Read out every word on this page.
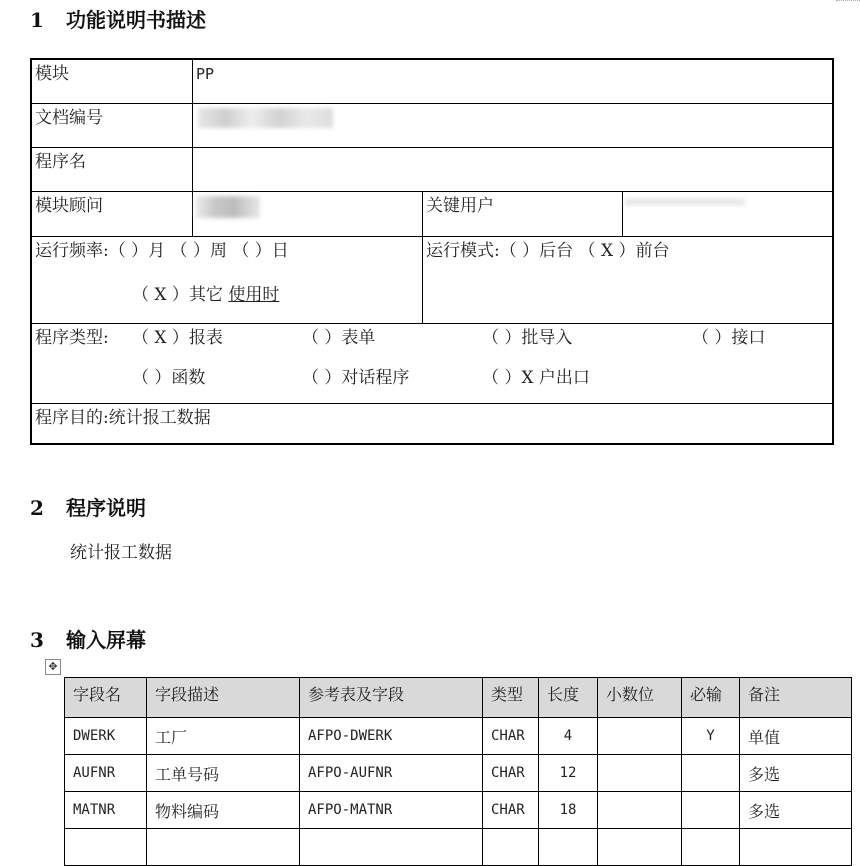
1 功能说明书描述
模块	PP
文档编号
程序名
模块顾问	关键用户
运行频率:（ ）月 （ ）周 （ ）日
（ X ）其它 使用时
运行模式:（ ）后台 （ X ）前台
程序类型: （ X ）报表	（ ）表单	（ ）批导入	（ ）接口
（ ）函数	（ ）对话程序	（ ）X 户出口
程序目的:统计报工数据
2 程序说明
统计报工数据
3 输入屏幕
✥
字段名	字段描述	参考表及字段	类型	长度	小数位	必输	备注
DWERK	工厂	AFPO-DWERK	CHAR	4		Y	单值
AUFNR	工单号码	AFPO-AUFNR	CHAR	12			多选
MATNR	物料编码	AFPO-MATNR	CHAR	18			多选
